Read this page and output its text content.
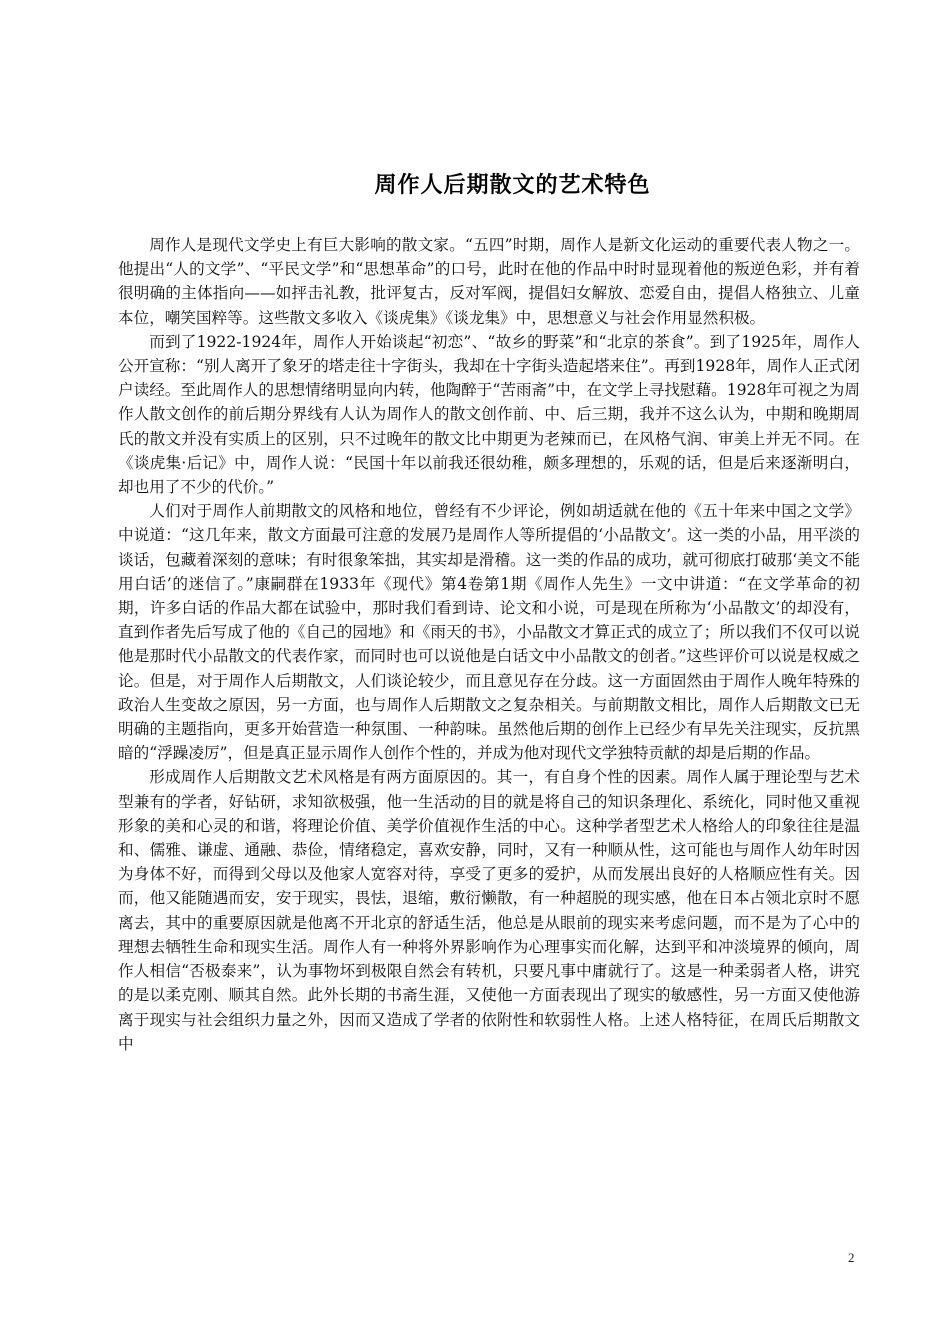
周作人后期散文的艺术特色

周作人是现代文学史上有巨大影响的散文家。“五四”时期，周作人是新文化运动的重要代表人物之一。他提出“人的文学”、“平民文学”和“思想革命”的口号，此时在他的作品中时时显现着他的叛逆色彩，并有着很明确的主体指向——如抨击礼教，批评复古，反对军阀，提倡妇女解放、恋爱自由，提倡人格独立、儿童本位，嘲笑国粹等。这些散文多收入《谈虎集》《谈龙集》中，思想意义与社会作用显然积极。

而到了1922-1924年，周作人开始谈起“初恋”、“故乡的野菜”和“北京的茶食”。到了1925年，周作人公开宣称：“别人离开了象牙的塔走往十字街头，我却在十字街头造起塔来住”。再到1928年，周作人正式闭户读经。至此周作人的思想情绪明显向内转，他陶醉于“苦雨斋”中，在文学上寻找慰藉。1928年可视之为周作人散文创作的前后期分界线有人认为周作人的散文创作前、中、后三期，我并不这么认为，中期和晚期周氏的散文并没有实质上的区别，只不过晚年的散文比中期更为老辣而已，在风格气润、审美上并无不同。在《谈虎集·后记》中，周作人说：“民国十年以前我还很幼稚，颇多理想的，乐观的话，但是后来逐渐明白，却也用了不少的代价。”

人们对于周作人前期散文的风格和地位，曾经有不少评论，例如胡适就在他的《五十年来中国之文学》中说道：“这几年来，散文方面最可注意的发展乃是周作人等所提倡的‘小品散文’。这一类的小品，用平淡的谈话，包藏着深刻的意味；有时很象笨拙，其实却是滑稽。这一类的作品的成功，就可彻底打破那‘美文不能用白话’的迷信了。”康嗣群在1933年《现代》第4卷第1期《周作人先生》一文中讲道：“在文学革命的初期，许多白话的作品大都在试验中，那时我们看到诗、论文和小说，可是现在所称为‘小品散文’的却没有，直到作者先后写成了他的《自己的园地》和《雨天的书》，小品散文才算正式的成立了；所以我们不仅可以说他是那时代小品散文的代表作家，而同时也可以说他是白话文中小品散文的创者。”这些评价可以说是权威之论。但是，对于周作人后期散文，人们谈论较少，而且意见存在分歧。这一方面固然由于周作人晚年特殊的政治人生变故之原因，另一方面，也与周作人后期散文之复杂相关。与前期散文相比，周作人后期散文已无明确的主题指向，更多开始营造一种氛围、一种韵味。虽然他后期的创作上已经少有早先关注现实，反抗黑暗的“浮躁凌厉”，但是真正显示周作人创作个性的，并成为他对现代文学独特贡献的却是后期的作品。

形成周作人后期散文艺术风格是有两方面原因的。其一，有自身个性的因素。周作人属于理论型与艺术型兼有的学者，好钻研，求知欲极强，他一生活动的目的就是将自己的知识条理化、系统化，同时他又重视形象的美和心灵的和谐，将理论价值、美学价值视作生活的中心。这种学者型艺术人格给人的印象往往是温和、儒雅、谦虚、通融、恭俭，情绪稳定，喜欢安静，同时，又有一种顺从性，这可能也与周作人幼年时因为身体不好，而得到父母以及他家人宽容对待，享受了更多的爱护，从而发展出良好的人格顺应性有关。因而，他又能随遇而安，安于现实，畏怯，退缩，敷衍懒散，有一种超脱的现实感，他在日本占领北京时不愿离去，其中的重要原因就是他离不开北京的舒适生活，他总是从眼前的现实来考虑问题，而不是为了心中的理想去牺牲生命和现实生活。周作人有一种将外界影响作为心理事实而化解，达到平和冲淡境界的倾向，周作人相信“否极泰来”，认为事物坏到极限自然会有转机，只要凡事中庸就行了。这是一种柔弱者人格，讲究的是以柔克刚、顺其自然。此外长期的书斋生涯，又使他一方面表现出了现实的敏感性，另一方面又使他游离于现实与社会组织力量之外，因而又造成了学者的依附性和软弱性人格。上述人格特征，在周氏后期散文中

2
